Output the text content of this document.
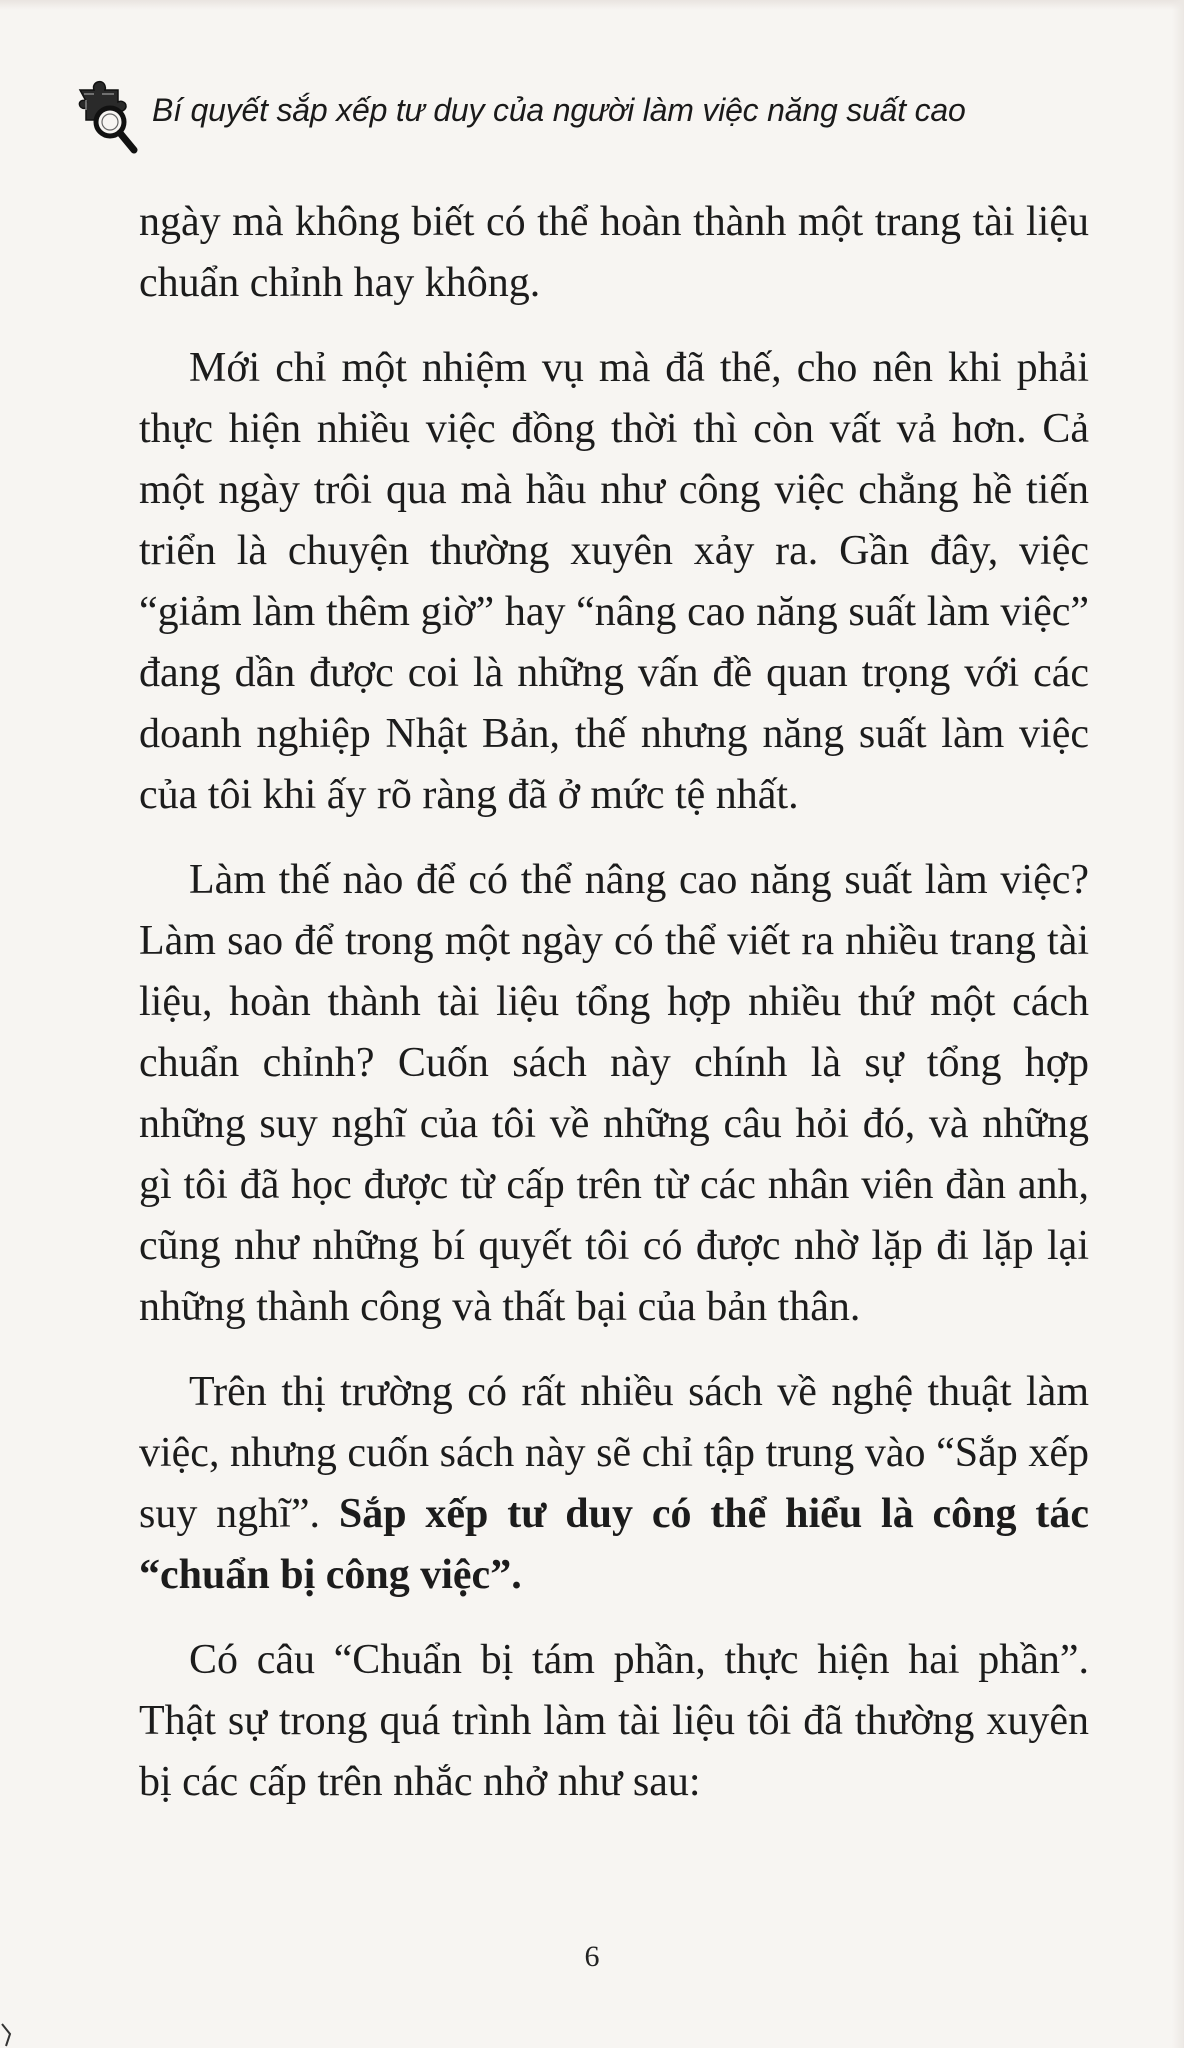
Bí quyết sắp xếp tư duy của người làm việc năng suất cao

ngày mà không biết có thể hoàn thành một trang tài liệu chuẩn chỉnh hay không.

Mới chỉ một nhiệm vụ mà đã thế, cho nên khi phải thực hiện nhiều việc đồng thời thì còn vất vả hơn. Cả một ngày trôi qua mà hầu như công việc chẳng hề tiến triển là chuyện thường xuyên xảy ra. Gần đây, việc “giảm làm thêm giờ” hay “nâng cao năng suất làm việc” đang dần được coi là những vấn đề quan trọng với các doanh nghiệp Nhật Bản, thế nhưng năng suất làm việc của tôi khi ấy rõ ràng đã ở mức tệ nhất.

Làm thế nào để có thể nâng cao năng suất làm việc? Làm sao để trong một ngày có thể viết ra nhiều trang tài liệu, hoàn thành tài liệu tổng hợp nhiều thứ một cách chuẩn chỉnh? Cuốn sách này chính là sự tổng hợp những suy nghĩ của tôi về những câu hỏi đó, và những gì tôi đã học được từ cấp trên từ các nhân viên đàn anh, cũng như những bí quyết tôi có được nhờ lặp đi lặp lại những thành công và thất bại của bản thân.

Trên thị trường có rất nhiều sách về nghệ thuật làm việc, nhưng cuốn sách này sẽ chỉ tập trung vào “Sắp xếp suy nghĩ”. Sắp xếp tư duy có thể hiểu là công tác “chuẩn bị công việc”.

Có câu “Chuẩn bị tám phần, thực hiện hai phần”. Thật sự trong quá trình làm tài liệu tôi đã thường xuyên bị các cấp trên nhắc nhở như sau:

6
